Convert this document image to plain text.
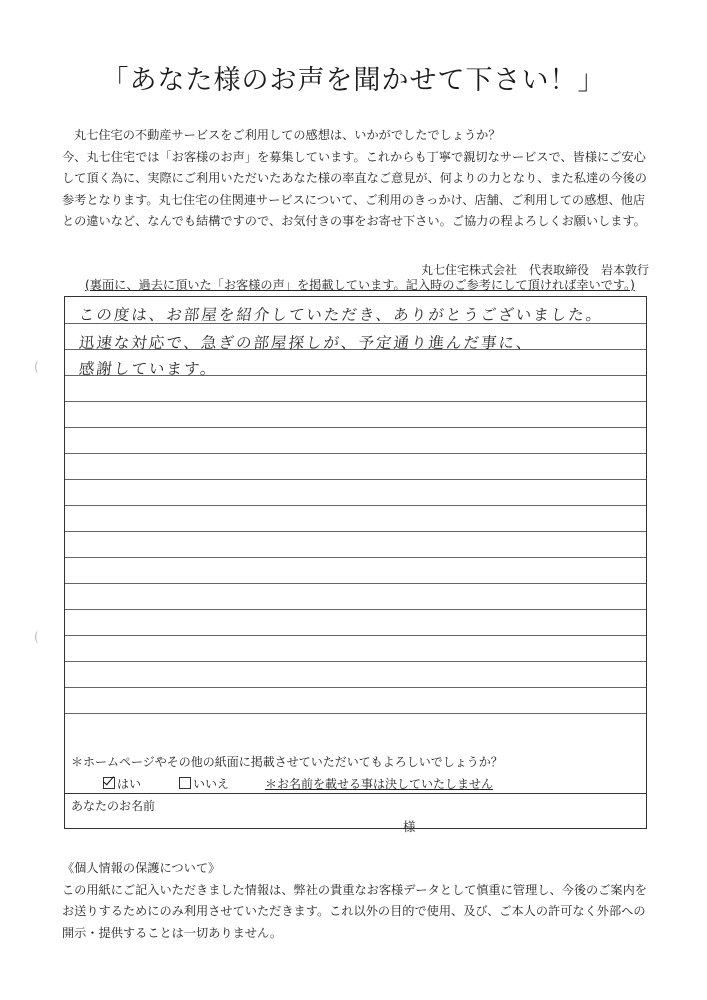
「あなた様のお声を聞かせて下さい！」

丸七住宅の不動産サービスをご利用しての感想は、いかがでしたでしょうか？

今、丸七住宅では「お客様のお声」を募集しています。これからも丁寧で親切なサービスで、皆様にご安心

して頂く為に、実際にご利用いただいたあなた様の率直なご意見が、何よりの力となり、また私達の今後の

参考となります。丸七住宅の住関連サービスについて、ご利用のきっかけ、店舗、ご利用しての感想、他店

との違いなど、なんでも結構ですので、お気付きの事をお寄せ下さい。ご協力の程よろしくお願いします。

丸七住宅株式会社　代表取締役　岩本敦行
(裏面に、過去に頂いた「お客様の声」を掲載しています。記入時のご参考にして頂ければ幸いです。)
この度は、お部屋を紹介していただき、ありがとうございました。
迅速な対応で、急ぎの部屋探しが、予定通り進んだ事に、
感謝しています。
＊ホームページやその他の紙面に掲載させていただいてもよろしいでしょうか？
はい	いいえ	＊お名前を載せる事は決していたしません
あなたのお名前
様
(
(

《個人情報の保護について》

この用紙にご記入いただきました情報は、弊社の貴重なお客様データとして慎重に管理し、今後のご案内を

お送りするためにのみ利用させていただきます。これ以外の目的で使用、及び、ご本人の許可なく外部への

開示・提供することは一切ありません。
